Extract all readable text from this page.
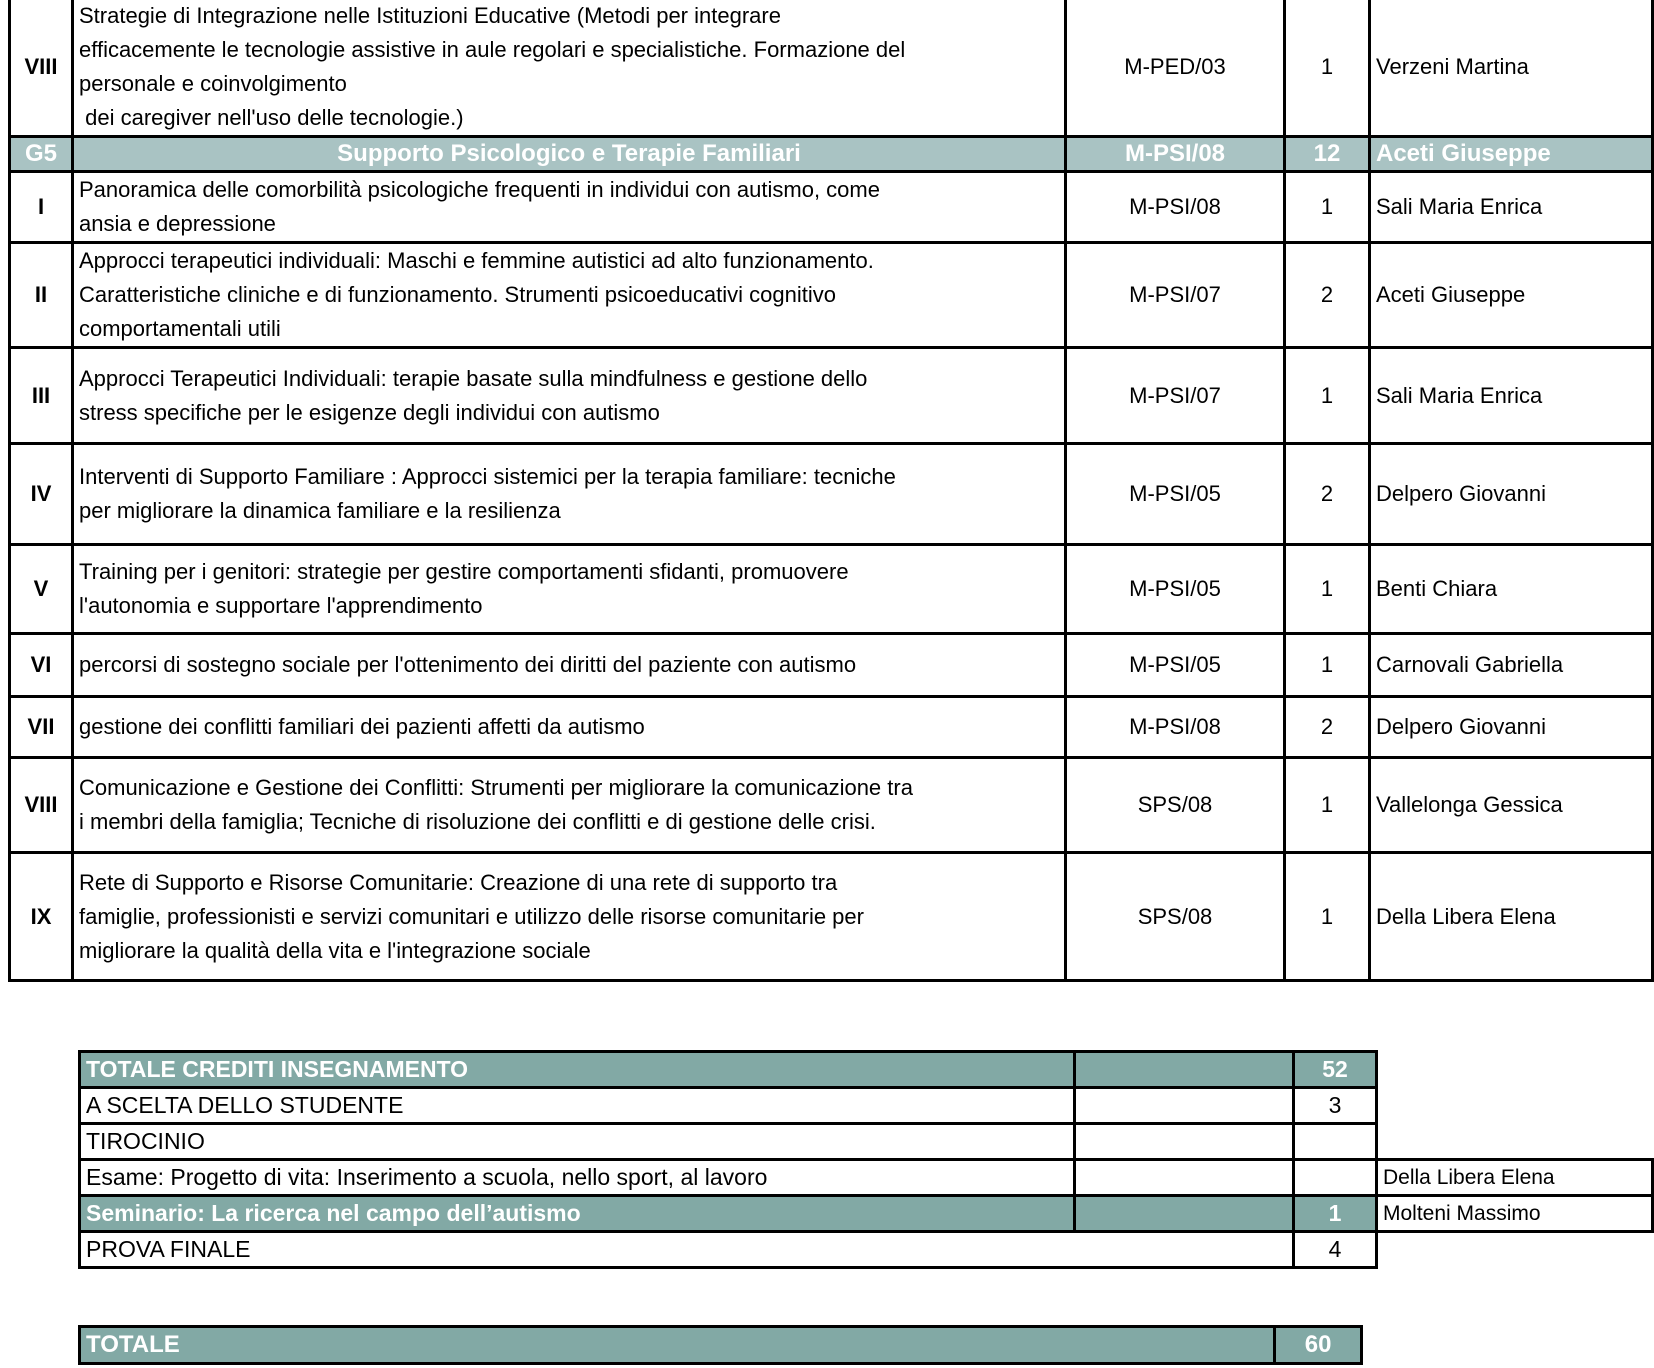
VIII	Strategie di Integrazione nelle Istituzioni Educative (Metodi per integrare
efficacemente le tecnologie assistive in aule regolari e specialistiche. Formazione del
personale e coinvolgimento
dei caregiver nell'uso delle tecnologie.)	M-PED/03	1	Verzeni Martina
G5	Supporto Psicologico e Terapie Familiari	M-PSI/08	12	Aceti Giuseppe
I	Panoramica delle comorbilità psicologiche frequenti in individui con autismo, come
ansia e depressione	M-PSI/08	1	Sali Maria Enrica
II	Approcci terapeutici individuali: Maschi e femmine autistici ad alto funzionamento.
Caratteristiche cliniche e di funzionamento. Strumenti psicoeducativi cognitivo
comportamentali utili	M-PSI/07	2	Aceti Giuseppe
III	Approcci Terapeutici Individuali: terapie basate sulla mindfulness e gestione dello
stress specifiche per le esigenze degli individui con autismo	M-PSI/07	1	Sali Maria Enrica
IV	Interventi di Supporto Familiare : Approcci sistemici per la terapia familiare: tecniche
per migliorare la dinamica familiare e la resilienza	M-PSI/05	2	Delpero Giovanni
V	Training per i genitori: strategie per gestire comportamenti sfidanti, promuovere
l'autonomia e supportare l'apprendimento	M-PSI/05	1	Benti Chiara
VI	percorsi di sostegno sociale per l'ottenimento dei diritti del paziente con autismo	M-PSI/05	1	Carnovali Gabriella
VII	gestione dei conflitti familiari dei pazienti affetti da autismo	M-PSI/08	2	Delpero Giovanni
VIII	Comunicazione e Gestione dei Conflitti: Strumenti per migliorare la comunicazione tra
i membri della famiglia; Tecniche di risoluzione dei conflitti e di gestione delle crisi.	SPS/08	1	Vallelonga Gessica
IX	Rete di Supporto e Risorse Comunitarie: Creazione di una rete di supporto tra
famiglie, professionisti e servizi comunitari e utilizzo delle risorse comunitarie per
migliorare la qualità della vita e l'integrazione sociale	SPS/08	1	Della Libera Elena
TOTALE CREDITI INSEGNAMENTO		52	
A SCELTA DELLO STUDENTE		3	
TIROCINIO			
Esame: Progetto di vita: Inserimento a scuola, nello sport, al lavoro			Della Libera Elena
Seminario: La ricerca nel campo dell’autismo		1	Molteni Massimo
PROVA FINALE		4	
TOTALE	60
